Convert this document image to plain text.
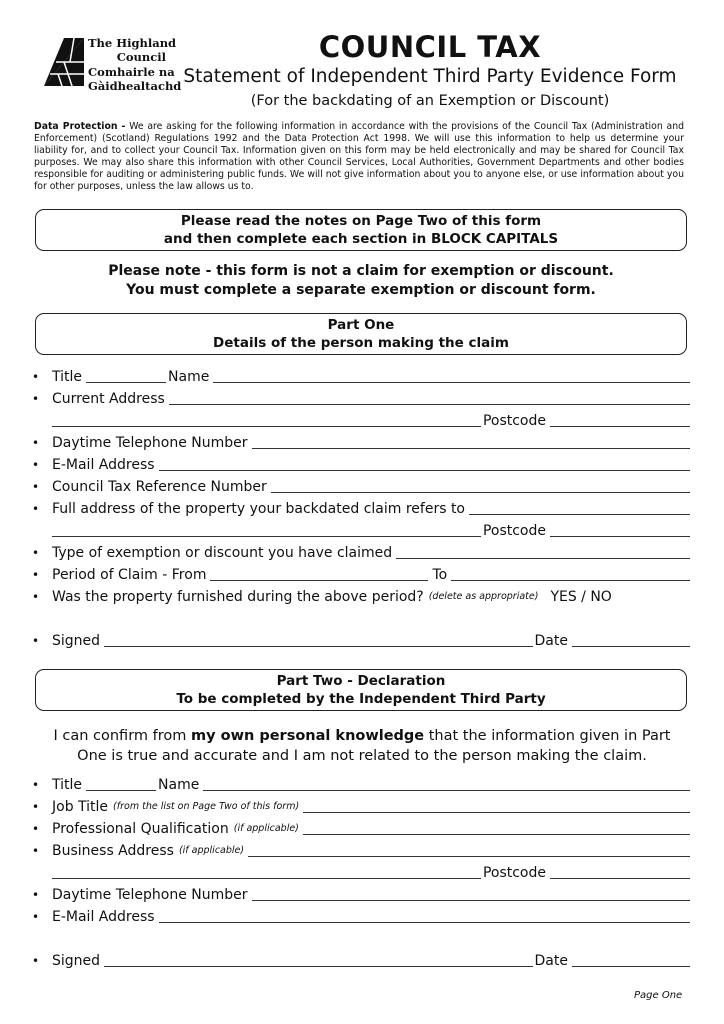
The Highland
Council
Comhairle na
Gàidhealtachd
COUNCIL TAX
Statement of Independent Third Party Evidence Form
(For the backdating of an Exemption or Discount)
Data Protection - We are asking for the following information in accordance with the provisions of the Council Tax (Administration and Enforcement) (Scotland) Regulations 1992 and the Data Protection Act 1998. We will use this information to help us determine your liability for, and to collect your Council Tax. Information given on this form may be held electronically and may be shared for Council Tax purposes. We may also share this information with other Council Services, Local Authorities, Government Departments and other bodies responsible for auditing or administering public funds. We will not give information about you to anyone else, or use information about you for other purposes, unless the law allows us to.
Please read the notes on Page Two of this form
and then complete each section in BLOCK CAPITALS
Please note - this form is not a claim for exemption or discount.
You must complete a separate exemption or discount form.
Part One
Details of the person making the claim
• Title	Name
• Current Address
Postcode
• Daytime Telephone Number
• E-Mail Address
• Council Tax Reference Number
• Full address of the property your backdated claim refers to
Postcode
• Type of exemption or discount you have claimed
• Period of Claim - From	To
• Was the property furnished during the above period? (delete as appropriate) YES / NO
• Signed	Date
Part Two - Declaration
To be completed by the Independent Third Party
I can confirm from my own personal knowledge that the information given in Part One is true and accurate and I am not related to the person making the claim.
• Title	Name
• Job Title (from the list on Page Two of this form)
• Professional Qualification (if applicable)
• Business Address (if applicable)
Postcode
• Daytime Telephone Number
• E-Mail Address
• Signed	Date
Page One
